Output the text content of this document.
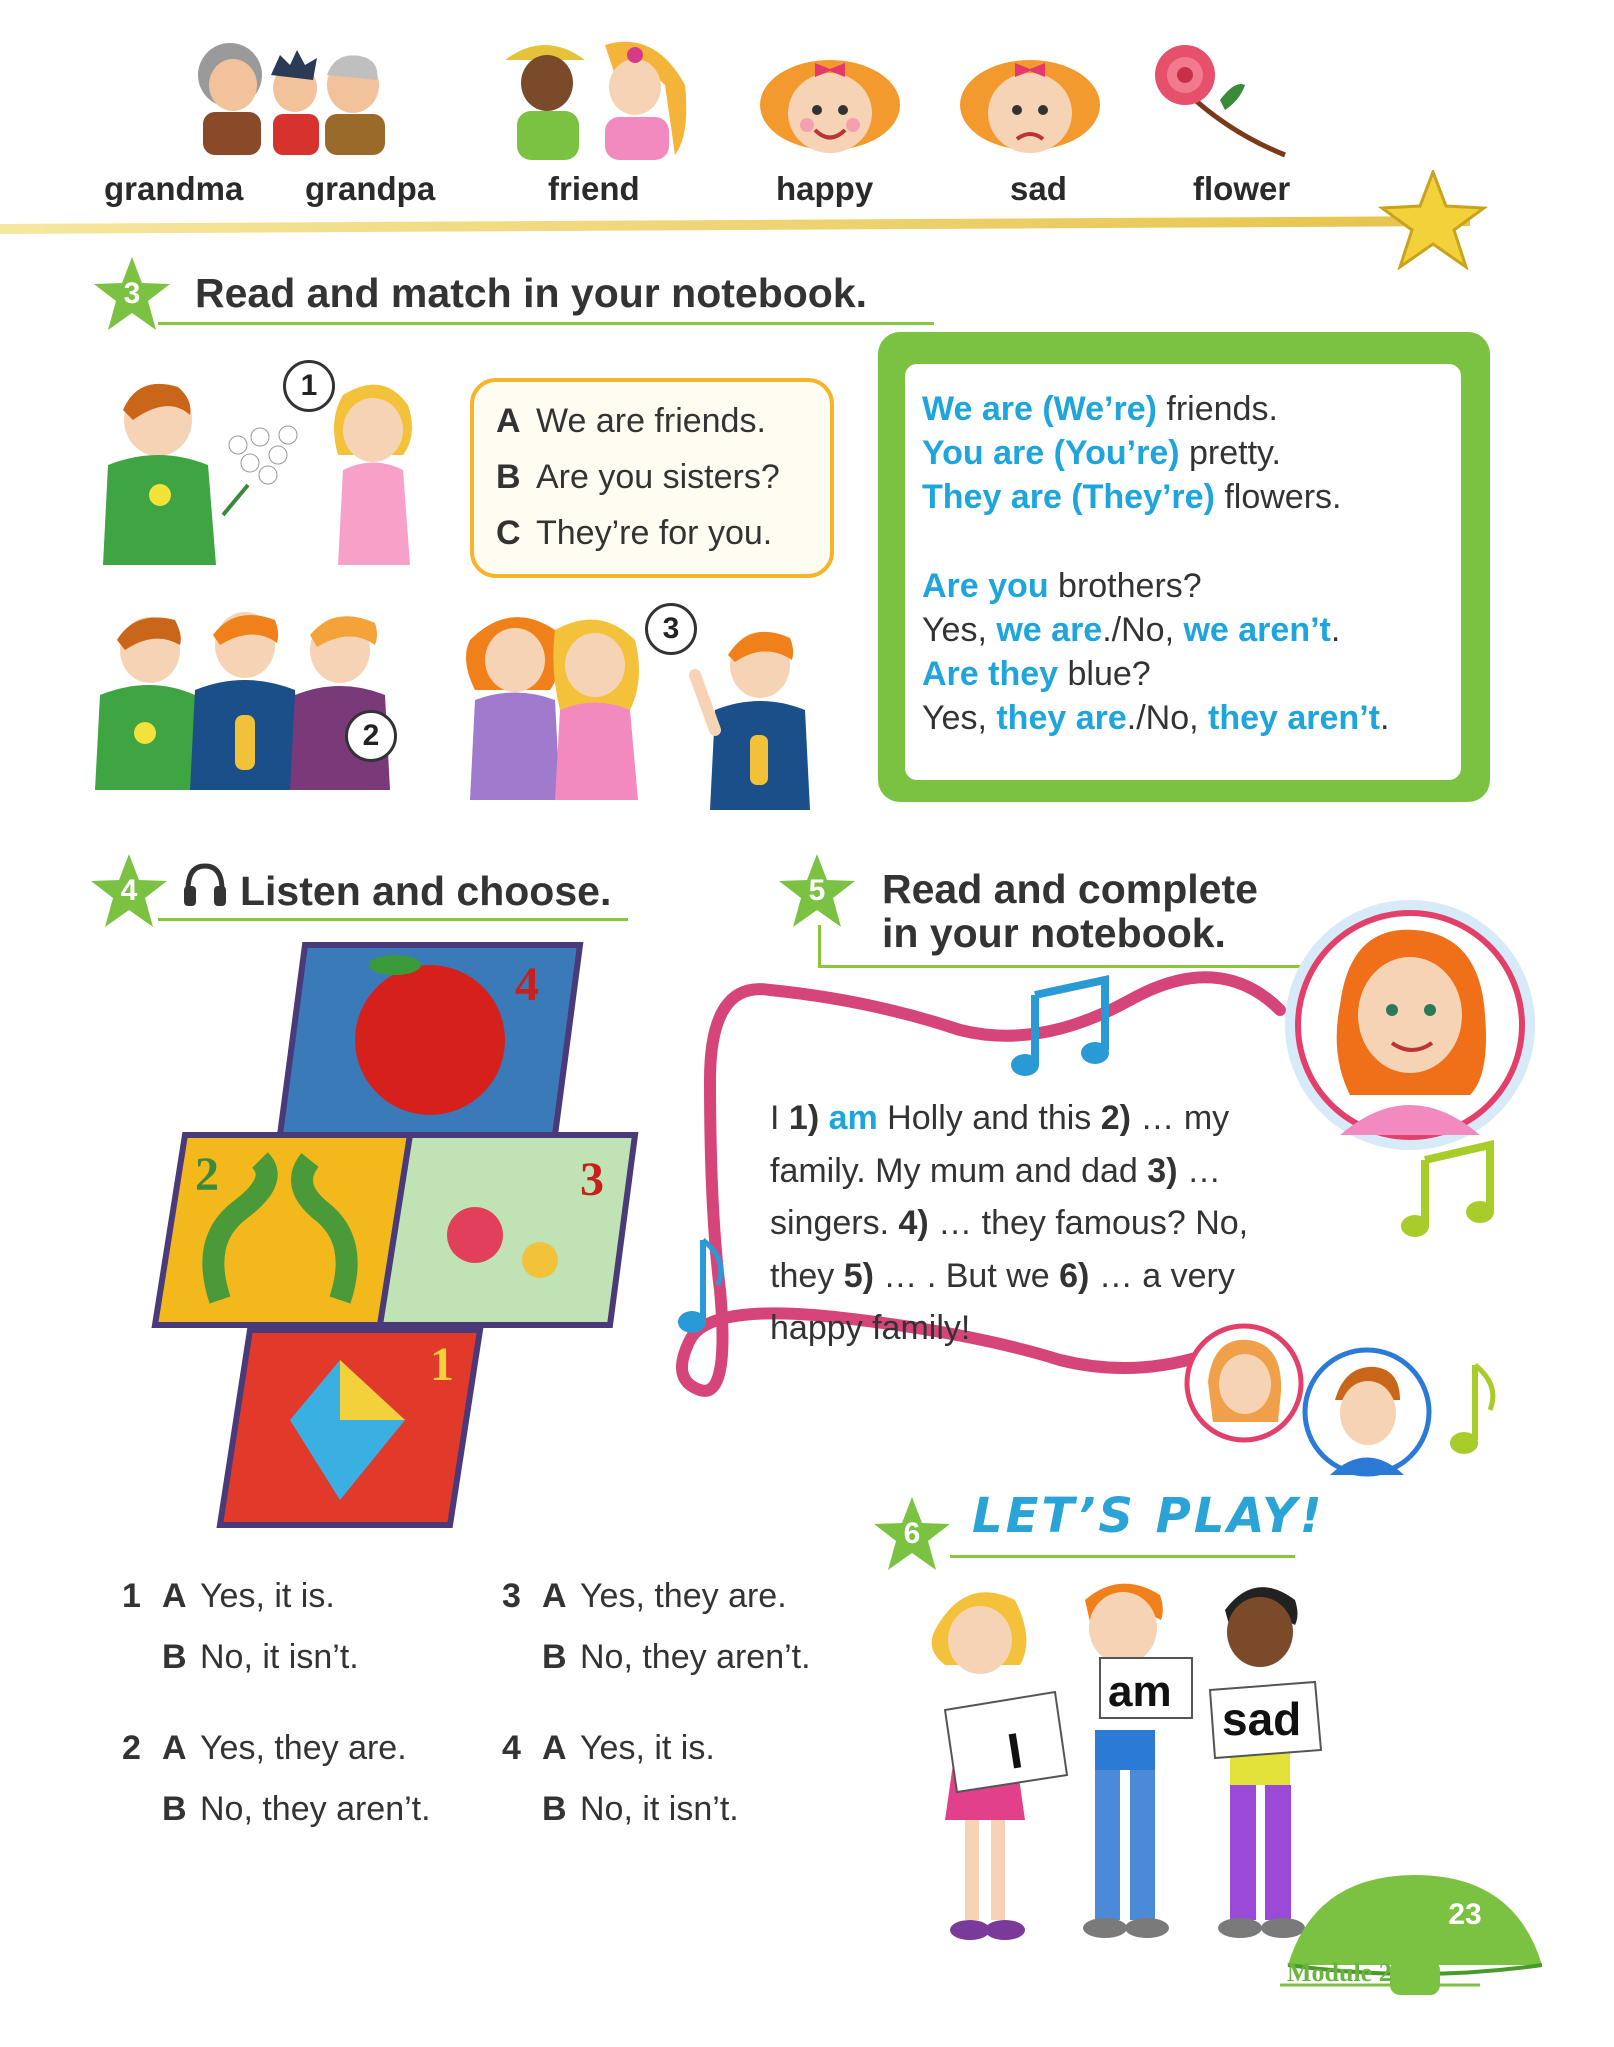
grandma grandpa	friend	happy	sad	flower
3	Read and match in your notebook.
1
2
3
A We are friends.
B Are you sisters?
C They’re for you.
We are (We’re) friends.
You are (You’re) pretty.
They are (They’re) flowers.
Are you brothers?
Yes, we are./No, we aren’t.
Are they blue?
Yes, they are./No, they aren’t.
4	Listen and choose.
4
2	3
1
1 A Yes, it is.
B No, it isn’t.
2 A Yes, they are.
B No, they aren’t.
3 A Yes, they are.
B No, they aren’t.
4 A Yes, it is.
B No, it isn’t.
5	Read and complete
in your notebook.
I 1) am Holly and this 2) … my family. My mum and dad 3) … singers. 4) … they famous? No, they 5) … . But we 6) … a very happy family!
6	LET’S PLAY!
I
am
sad
23
Module 2
